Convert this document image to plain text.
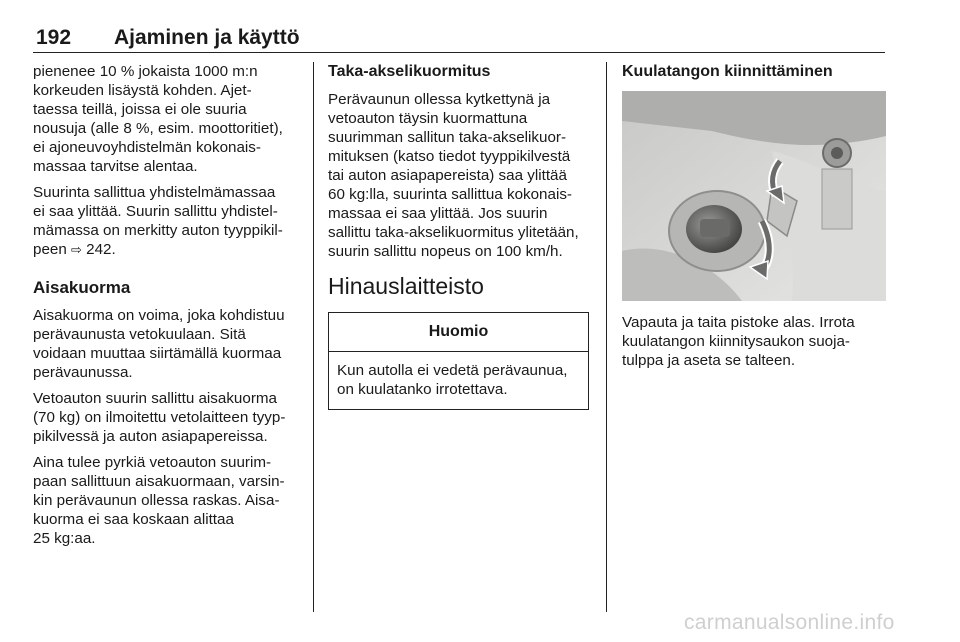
192 Ajaminen ja käyttö

pienenee 10 % jokaista 1000 m:n
korkeuden lisäystä kohden. Ajet-
taessa teillä, joissa ei ole suuria
nousuja (alle 8 %, esim. moottoritiet),
ei ajoneuvoyhdistelmän kokonais-
massaa tarvitse alentaa.

Suurinta sallittua yhdistelmämassaa
ei saa ylittää. Suurin sallittu yhdistel-
mämassa on merkitty auton tyyppikil-
peen ⇨ 242.

Aisakuorma

Aisakuorma on voima, joka kohdistuu
perävaunusta vetokuulaan. Sitä
voidaan muuttaa siirtämällä kuormaa
perävaunussa.

Vetoauton suurin sallittu aisakuorma
(70 kg) on ilmoitettu vetolaitteen tyyp-
pikilvessä ja auton asiapapereissa.

Aina tulee pyrkiä vetoauton suurim-
paan sallittuun aisakuormaan, varsin-
kin perävaunun ollessa raskas. Aisa-
kuorma ei saa koskaan alittaa
25 kg:aa.

Taka-akselikuormitus

Perävaunun ollessa kytkettynä ja
vetoauton täysin kuormattuna
suurimman sallitun taka-akselikuor-
mituksen (katso tiedot tyyppikilvestä
tai auton asiapapereista) saa ylittää
60 kg:lla, suurinta sallittua kokonais-
massaa ei saa ylittää. Jos suurin
sallittu taka-akselikuormitus ylitetään,
suurin sallittu nopeus on 100 km/h.

Hinauslaitteisto
Huomio
Kun autolla ei vedetä perävaunua,
on kuulatanko irrotettava.
Kuulatangon kiinnittäminen

Vapauta ja taita pistoke alas. Irrota
kuulatangon kiinnitysaukon suoja-
tulppa ja aseta se talteen.

carmanualsonline.info
